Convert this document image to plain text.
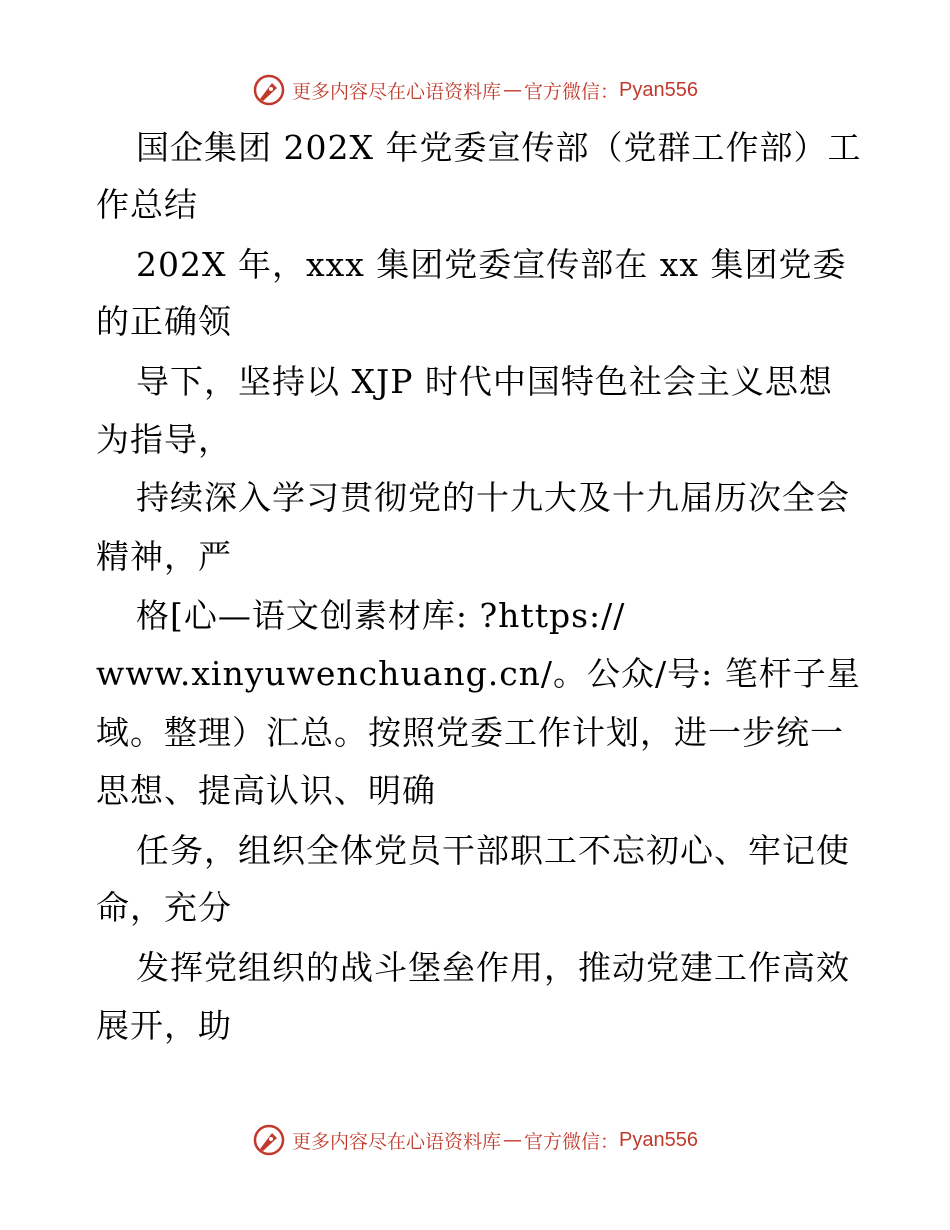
更多内容尽在心语资料库 — 官方微信： Pyan556
国企集团 202X 年党委宣传部（党群工作部）工
作总结
202X 年，xxx 集团党委宣传部在 xx 集团党委
的正确领
导下，坚持以 XJP 时代中国特色社会主义思想
为指导，
持续深入学习贯彻党的十九大及十九届历次全会
精神，严
格[心—语文创素材库: ?https://
www.xinyuwenchuang.cn/。公众/号: 笔杆子星
域。整理）汇总。按照党委工作计划，进一步统一
思想、提高认识、明确
任务，组织全体党员干部职工不忘初心、牢记使
命，充分
发挥党组织的战斗堡垒作用，推动党建工作高效
展开，助
更多内容尽在心语资料库 — 官方微信： Pyan556
